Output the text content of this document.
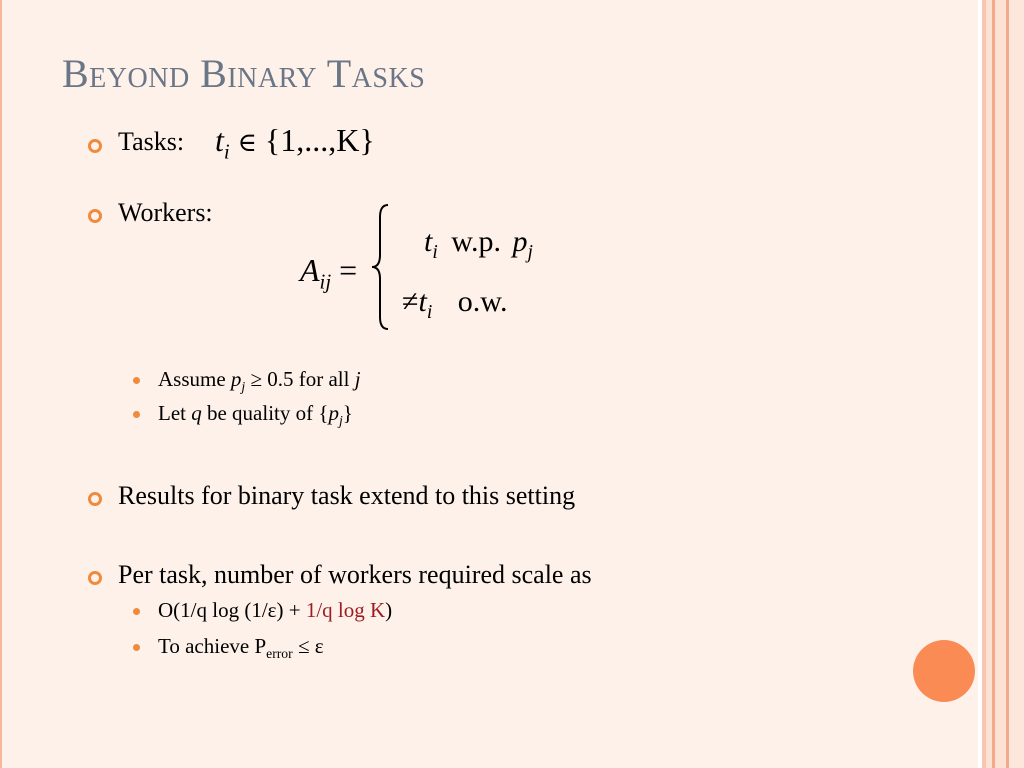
Beyond Binary Tasks
Tasks: $t_i$ ∈ {1,...,K}
Workers:
$A_{ij}$ =
$t_i$ w.p. $p_j$
$\ne t_i$ o.w.
Assume $p_j \ge 0.5$ for all j
Let q be quality of $\{p_j\}$
Results for binary task extend to this setting
Per task, number of workers required scale as
O(1/q log (1/ε) + 1/q log K)
To achieve $P_{error} \le \varepsilon$
